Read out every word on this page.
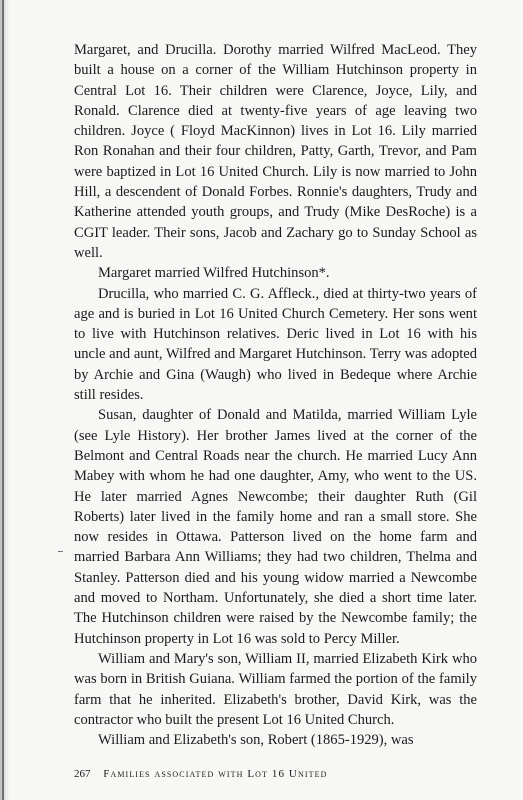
Margaret, and Drucilla. Dorothy married Wilfred MacLeod. They built a house on a corner of the William Hutchinson property in Central Lot 16. Their children were Clarence, Joyce, Lily, and Ronald. Clarence died at twenty-five years of age leaving two children. Joyce ( Floyd MacKinnon) lives in Lot 16. Lily married Ron Ronahan and their four children, Patty, Garth, Trevor, and Pam were baptized in Lot 16 United Church. Lily is now married to John Hill, a descendent of Donald Forbes. Ronnie's daughters, Trudy and Katherine attended youth groups, and Trudy (Mike DesRoche) is a CGIT leader. Their sons, Jacob and Zachary go to Sunday School as well.

Margaret married Wilfred Hutchinson*.

Drucilla, who married C. G. Affleck., died at thirty-two years of age and is buried in Lot 16 United Church Cemetery. Her sons went to live with Hutchinson relatives. Deric lived in Lot 16 with his uncle and aunt, Wilfred and Margaret Hutchinson. Terry was adopted by Archie and Gina (Waugh) who lived in Bedeque where Archie still resides.

Susan, daughter of Donald and Matilda, married William Lyle (see Lyle History). Her brother James lived at the corner of the Belmont and Central Roads near the church. He married Lucy Ann Mabey with whom he had one daughter, Amy, who went to the US. He later married Agnes Newcombe; their daughter Ruth (Gil Roberts) later lived in the family home and ran a small store. She now resides in Ottawa. Patterson lived on the home farm and married Barbara Ann Williams; they had two children, Thelma and Stanley. Patterson died and his young widow married a Newcombe and moved to Northam. Unfortunately, she died a short time later. The Hutchinson children were raised by the Newcombe family; the Hutchinson property in Lot 16 was sold to Percy Miller.

William and Mary's son, William II, married Elizabeth Kirk who was born in British Guiana. William farmed the portion of the family farm that he inherited. Elizabeth's brother, David Kirk, was the contractor who built the present Lot 16 United Church.

William and Elizabeth's son, Robert (1865-1929), was

267 Families associated with Lot 16 United
